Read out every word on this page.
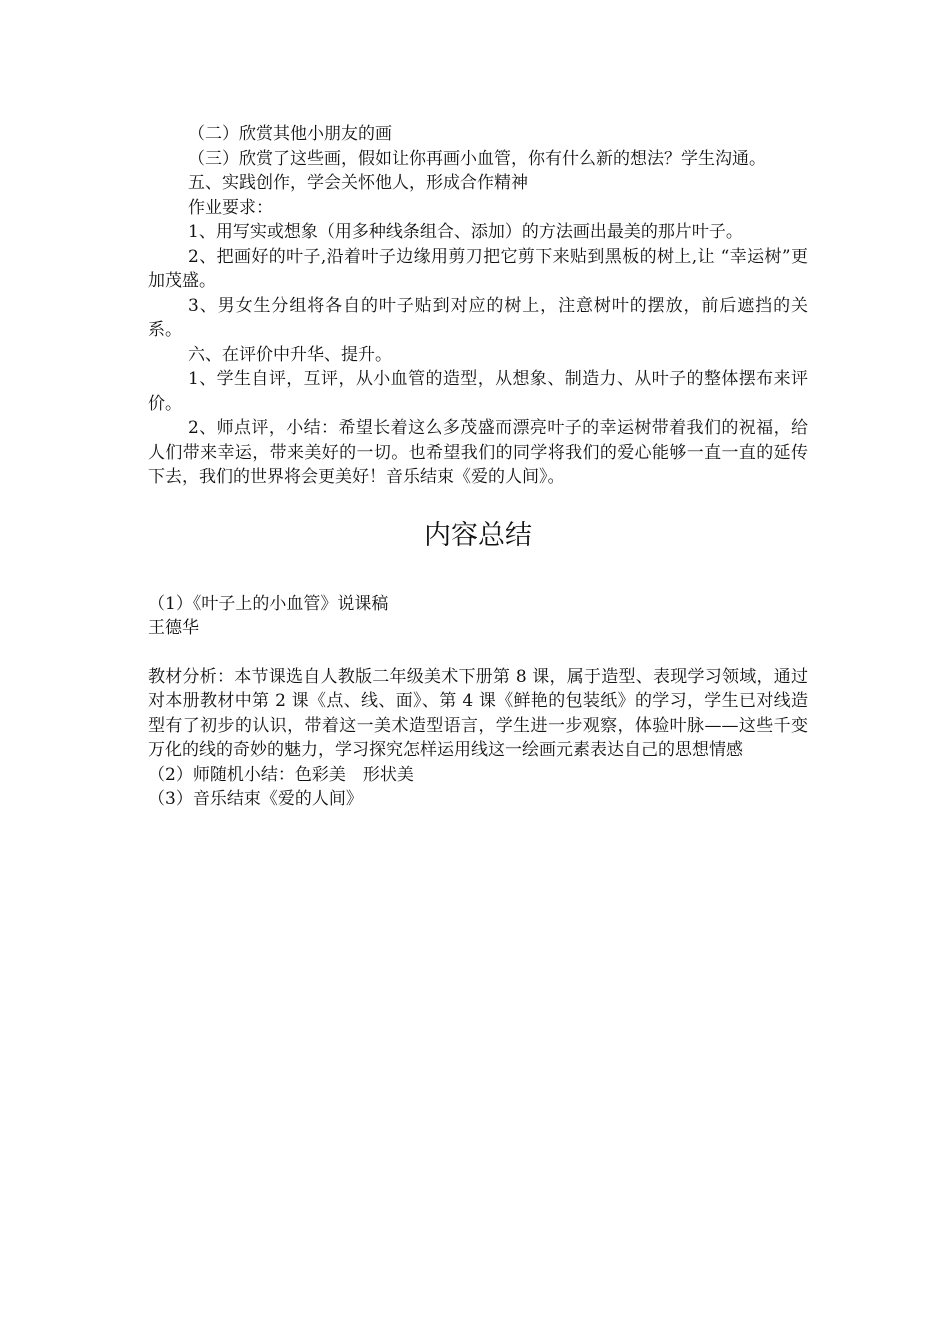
（二）欣赏其他小朋友的画

（三）欣赏了这些画，假如让你再画小血管，你有什么新的想法？学生沟通。

五、实践创作，学会关怀他人，形成合作精神

作业要求：

1、用写实或想象（用多种线条组合、添加）的方法画出最美的那片叶子。

2、把画好的叶子,沿着叶子边缘用剪刀把它剪下来贴到黑板的树上,让 “幸运树”更加茂盛。

3、男女生分组将各自的叶子贴到对应的树上，注意树叶的摆放，前后遮挡的关系。

六、在评价中升华、提升。

1、学生自评，互评，从小血管的造型，从想象、制造力、从叶子的整体摆布来评价。

2、师点评，小结：希望长着这么多茂盛而漂亮叶子的幸运树带着我们的祝福，给人们带来幸运，带来美好的一切。也希望我们的同学将我们的爱心能够一直一直的延传下去，我们的世界将会更美好！音乐结束《爱的人间》。

内容总结

（1）《叶子上的小血管》说课稿

王德华

教材分析：本节课选自人教版二年级美术下册第 8 课，属于造型、表现学习领域，通过对本册教材中第 2 课《点、线、面》、第 4 课《鲜艳的包装纸》的学习，学生已对线造型有了初步的认识，带着这一美术造型语言，学生进一步观察，体验叶脉——这些千变万化的线的奇妙的魅力，学习探究怎样运用线这一绘画元素表达自己的思想情感

（2）师随机小结：色彩美　形状美

（3）音乐结束《爱的人间》
